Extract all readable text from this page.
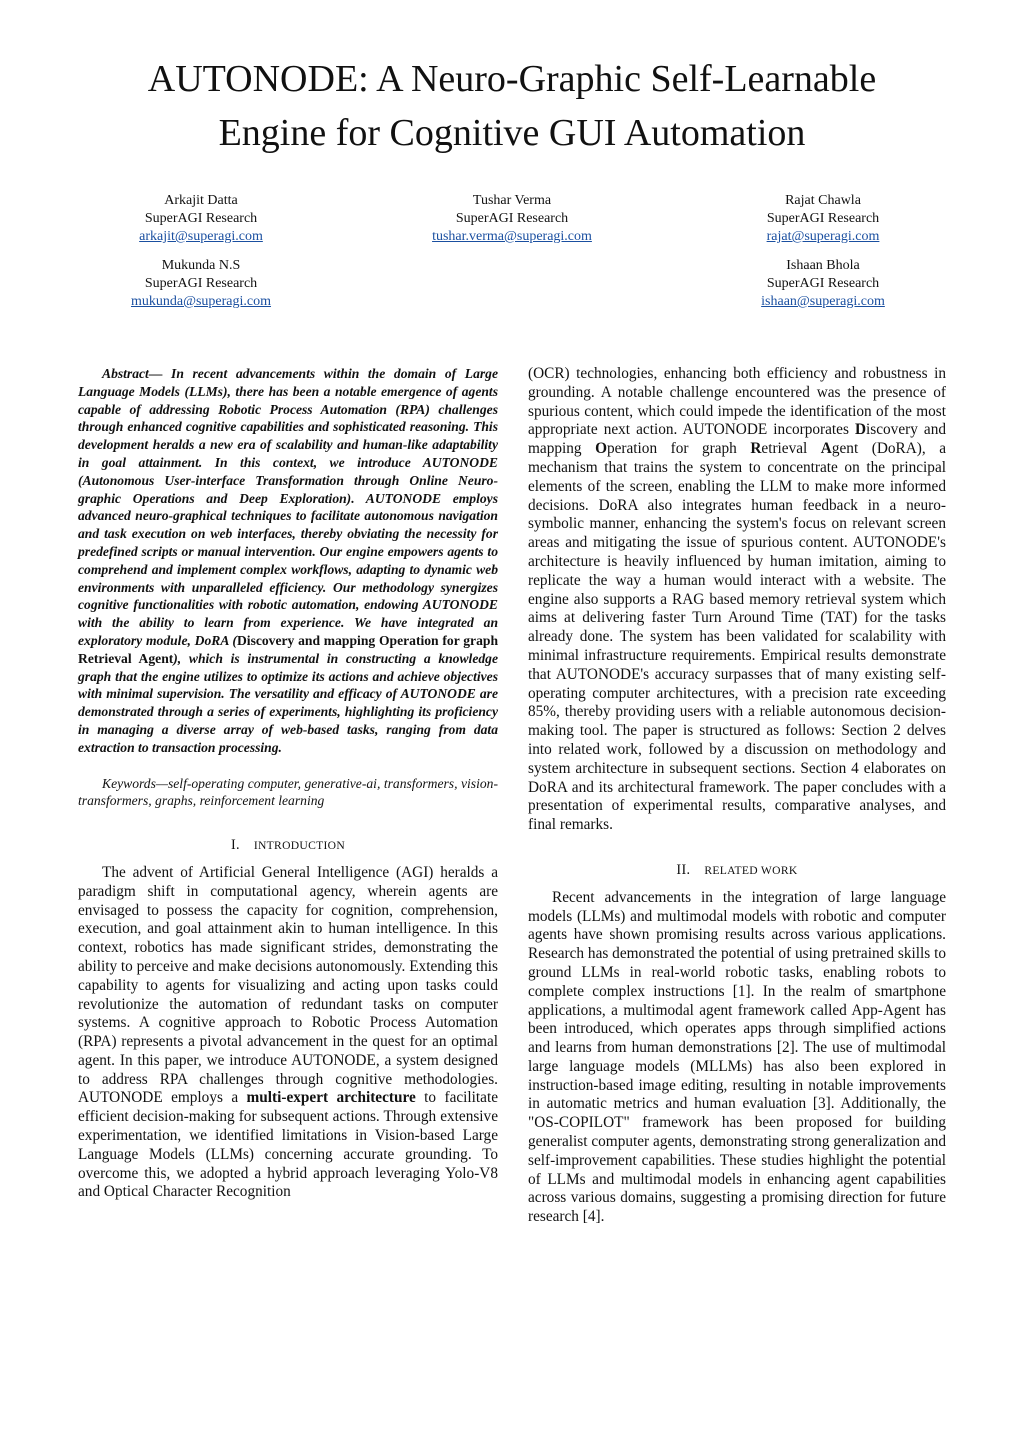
AUTONODE: A Neuro-Graphic Self-Learnable
Engine for Cognitive GUI Automation
Arkajit Datta
SuperAGI Research
arkajit@superagi.com
Tushar Verma
SuperAGI Research
tushar.verma@superagi.com
Rajat Chawla
SuperAGI Research
rajat@superagi.com
Mukunda N.S
SuperAGI Research
mukunda@superagi.com
Ishaan Bhola
SuperAGI Research
ishaan@superagi.com

Abstract— In recent advancements within the domain of Large Language Models (LLMs), there has been a notable emergence of agents capable of addressing Robotic Process Automation (RPA) challenges through enhanced cognitive capabilities and sophisticated reasoning. This development heralds a new era of scalability and human-like adaptability in goal attainment. In this context, we introduce AUTONODE (Autonomous User-interface Transformation through Online Neuro-graphic Operations and Deep Exploration). AUTONODE employs advanced neuro-graphical techniques to facilitate autonomous navigation and task execution on web interfaces, thereby obviating the necessity for predefined scripts or manual intervention. Our engine empowers agents to comprehend and implement complex workflows, adapting to dynamic web environments with unparalleled efficiency. Our methodology synergizes cognitive functionalities with robotic automation, endowing AUTONODE with the ability to learn from experience. We have integrated an exploratory module, DoRA (Discovery and mapping Operation for graph Retrieval Agent), which is instrumental in constructing a knowledge graph that the engine utilizes to optimize its actions and achieve objectives with minimal supervision. The versatility and efficacy of AUTONODE are demonstrated through a series of experiments, highlighting its proficiency in managing a diverse array of web-based tasks, ranging from data extraction to transaction processing.

Keywords—self-operating computer, generative-ai, transformers, vision-transformers, graphs, reinforcement learning

I. INTRODUCTION

The advent of Artificial General Intelligence (AGI) heralds a paradigm shift in computational agency, wherein agents are envisaged to possess the capacity for cognition, comprehension, execution, and goal attainment akin to human intelligence. In this context, robotics has made significant strides, demonstrating the ability to perceive and make decisions autonomously. Extending this capability to agents for visualizing and acting upon tasks could revolutionize the automation of redundant tasks on computer systems. A cognitive approach to Robotic Process Automation (RPA) represents a pivotal advancement in the quest for an optimal agent. In this paper, we introduce AUTONODE, a system designed to address RPA challenges through cognitive methodologies. AUTONODE employs a multi-expert architecture to facilitate efficient decision-making for subsequent actions. Through extensive experimentation, we identified limitations in Vision-based Large Language Models (LLMs) concerning accurate grounding. To overcome this, we adopted a hybrid approach leveraging Yolo-V8 and Optical Character Recognition

(OCR) technologies, enhancing both efficiency and robustness in grounding. A notable challenge encountered was the presence of spurious content, which could impede the identification of the most appropriate next action. AUTONODE incorporates Discovery and mapping Operation for graph Retrieval Agent (DoRA), a mechanism that trains the system to concentrate on the principal elements of the screen, enabling the LLM to make more informed decisions. DoRA also integrates human feedback in a neuro-symbolic manner, enhancing the system's focus on relevant screen areas and mitigating the issue of spurious content. AUTONODE's architecture is heavily influenced by human imitation, aiming to replicate the way a human would interact with a website. The engine also supports a RAG based memory retrieval system which aims at delivering faster Turn Around Time (TAT) for the tasks already done. The system has been validated for scalability with minimal infrastructure requirements. Empirical results demonstrate that AUTONODE's accuracy surpasses that of many existing self-operating computer architectures, with a precision rate exceeding 85%, thereby providing users with a reliable autonomous decision-making tool. The paper is structured as follows: Section 2 delves into related work, followed by a discussion on methodology and system architecture in subsequent sections. Section 4 elaborates on DoRA and its architectural framework. The paper concludes with a presentation of experimental results, comparative analyses, and final remarks.

II. RELATED WORK

Recent advancements in the integration of large language models (LLMs) and multimodal models with robotic and computer agents have shown promising results across various applications. Research has demonstrated the potential of using pretrained skills to ground LLMs in real-world robotic tasks, enabling robots to complete complex instructions [1]. In the realm of smartphone applications, a multimodal agent framework called App-Agent has been introduced, which operates apps through simplified actions and learns from human demonstrations [2]. The use of multimodal large language models (MLLMs) has also been explored in instruction-based image editing, resulting in notable improvements in automatic metrics and human evaluation [3]. Additionally, the "OS-COPILOT" framework has been proposed for building generalist computer agents, demonstrating strong generalization and self-improvement capabilities. These studies highlight the potential of LLMs and multimodal models in enhancing agent capabilities across various domains, suggesting a promising direction for future research [4].
